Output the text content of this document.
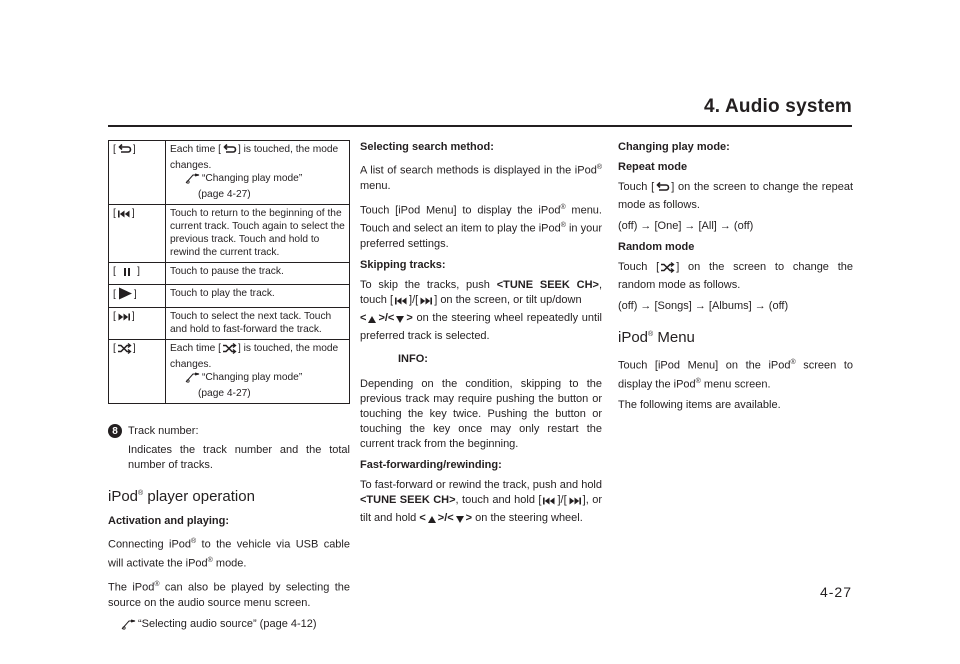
4. Audio system
[ ]	Each time [ ] is touched, the mode changes.
“Changing play mode”
(page 4-27)

[ ]	Touch to return to the beginning of the current track. Touch again to select the previous track. Touch and hold to rewind the current track.
[    ]	Touch to pause the track.
[ ]	Touch to play the track.
[ ]	Touch to select the next tack. Touch and hold to fast-forward the track.
[ ]	Each time [ ] is touched, the mode changes.
“Changing play mode”
(page 4-27)
8 Track number:

Indicates the track number and the total number of tracks.

iPod® player operation
Activation and playing:

Connecting iPod® to the vehicle via USB cable will activate the iPod® mode.

The iPod® can also be played by selecting the source on the audio source menu screen.

“Selecting audio source” (page 4-12)
Selecting search method:

A list of search methods is displayed in the iPod® menu.

Touch [iPod Menu] to display the iPod® menu. Touch and select an item to play the iPod® in your preferred settings.

Skipping tracks:

To skip the tracks, push <TUNE SEEK CH>, touch [ ]/[ ] on the screen, or tilt up/down
< >/< > on the steering wheel repeatedly until preferred track is selected.

INFO:

Depending on the condition, skipping to the previous track may require pushing the button or touching the key twice. Pushing the button or touching the key once may only restart the current track from the beginning.

Fast-forwarding/rewinding:

To fast-forward or rewind the track, push and hold <TUNE SEEK CH>, touch and hold [ ]/[ ], or tilt and hold < >/< > on the steering wheel.

Changing play mode:
Repeat mode

Touch [ ] on the screen to change the repeat mode as follows.

(off) → [One] → [All] → (off)

Random mode

Touch [ ] on the screen to change the random mode as follows.

(off) → [Songs] → [Albums] → (off)

iPod® Menu

Touch [iPod Menu] on the iPod® screen to display the iPod® menu screen.

The following items are available.

4-27
